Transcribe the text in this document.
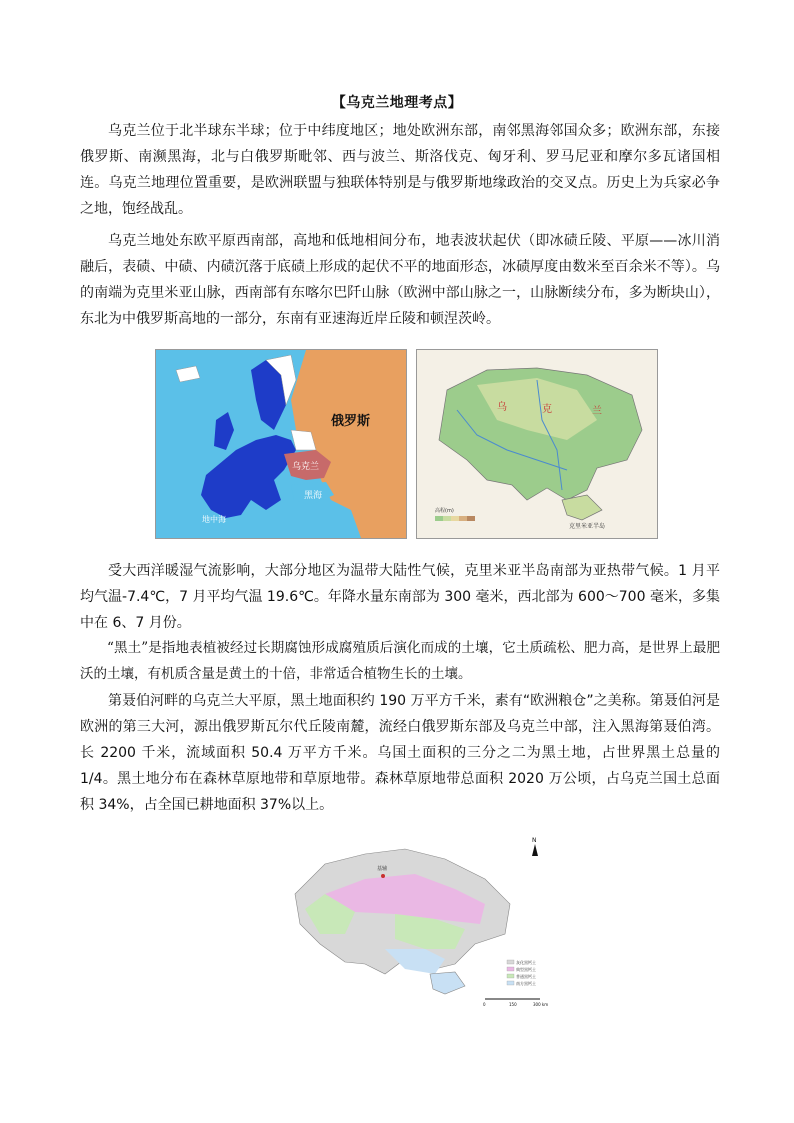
【乌克兰地理考点】

乌克兰位于北半球东半球；位于中纬度地区；地处欧洲东部，南邻黑海邻国众多；欧洲东部，东接俄罗斯、南濒黑海，北与白俄罗斯毗邻、西与波兰、斯洛伐克、匈牙利、罗马尼亚和摩尔多瓦诸国相连。乌克兰地理位置重要，是欧洲联盟与独联体特别是与俄罗斯地缘政治的交叉点。历史上为兵家必争之地，饱经战乱。

乌克兰地处东欧平原西南部，高地和低地相间分布，地表波状起伏（即冰碛丘陵、平原——冰川消融后，表碛、中碛、内碛沉落于底碛上形成的起伏不平的地面形态，冰碛厚度由数米至百余米不等）。乌的南端为克里米亚山脉，西南部有东喀尔巴阡山脉（欧洲中部山脉之一，山脉断续分布，多为断块山），东北为中俄罗斯高地的一部分，东南有亚速海近岸丘陵和顿涅茨岭。

俄罗斯
乌克兰
黑海
地中海
乌	克	兰
克里米亚半岛
高程(m)

受大西洋暖湿气流影响，大部分地区为温带大陆性气候，克里米亚半岛南部为亚热带气候。1 月平均气温-7.4℃，7 月平均气温 19.6℃。年降水量东南部为 300 毫米，西北部为 600～700 毫米，多集中在 6、7 月份。

“黑土”是指地表植被经过长期腐蚀形成腐殖质后演化而成的土壤，它土质疏松、肥力高，是世界上最肥沃的土壤，有机质含量是黄土的十倍，非常适合植物生长的土壤。

第聂伯河畔的乌克兰大平原，黑土地面积约 190 万平方千米，素有“欧洲粮仓”之美称。第聂伯河是欧洲的第三大河，源出俄罗斯瓦尔代丘陵南麓，流经白俄罗斯东部及乌克兰中部，注入黑海第聂伯湾。长 2200 千米，流域面积 50.4 万平方千米。乌国土面积的三分之二为黑土地，占世界黑土总量的 1/4。黑土地分布在森林草原地带和草原地带。森林草原地带总面积 2020 万公顷，占乌克兰国土总面积 34%，占全国已耕地面积 37%以上。

基辅
N
灰化黑钙土
典型黑钙土
普通黑钙土
南方黑钙土
0	150	300 km
